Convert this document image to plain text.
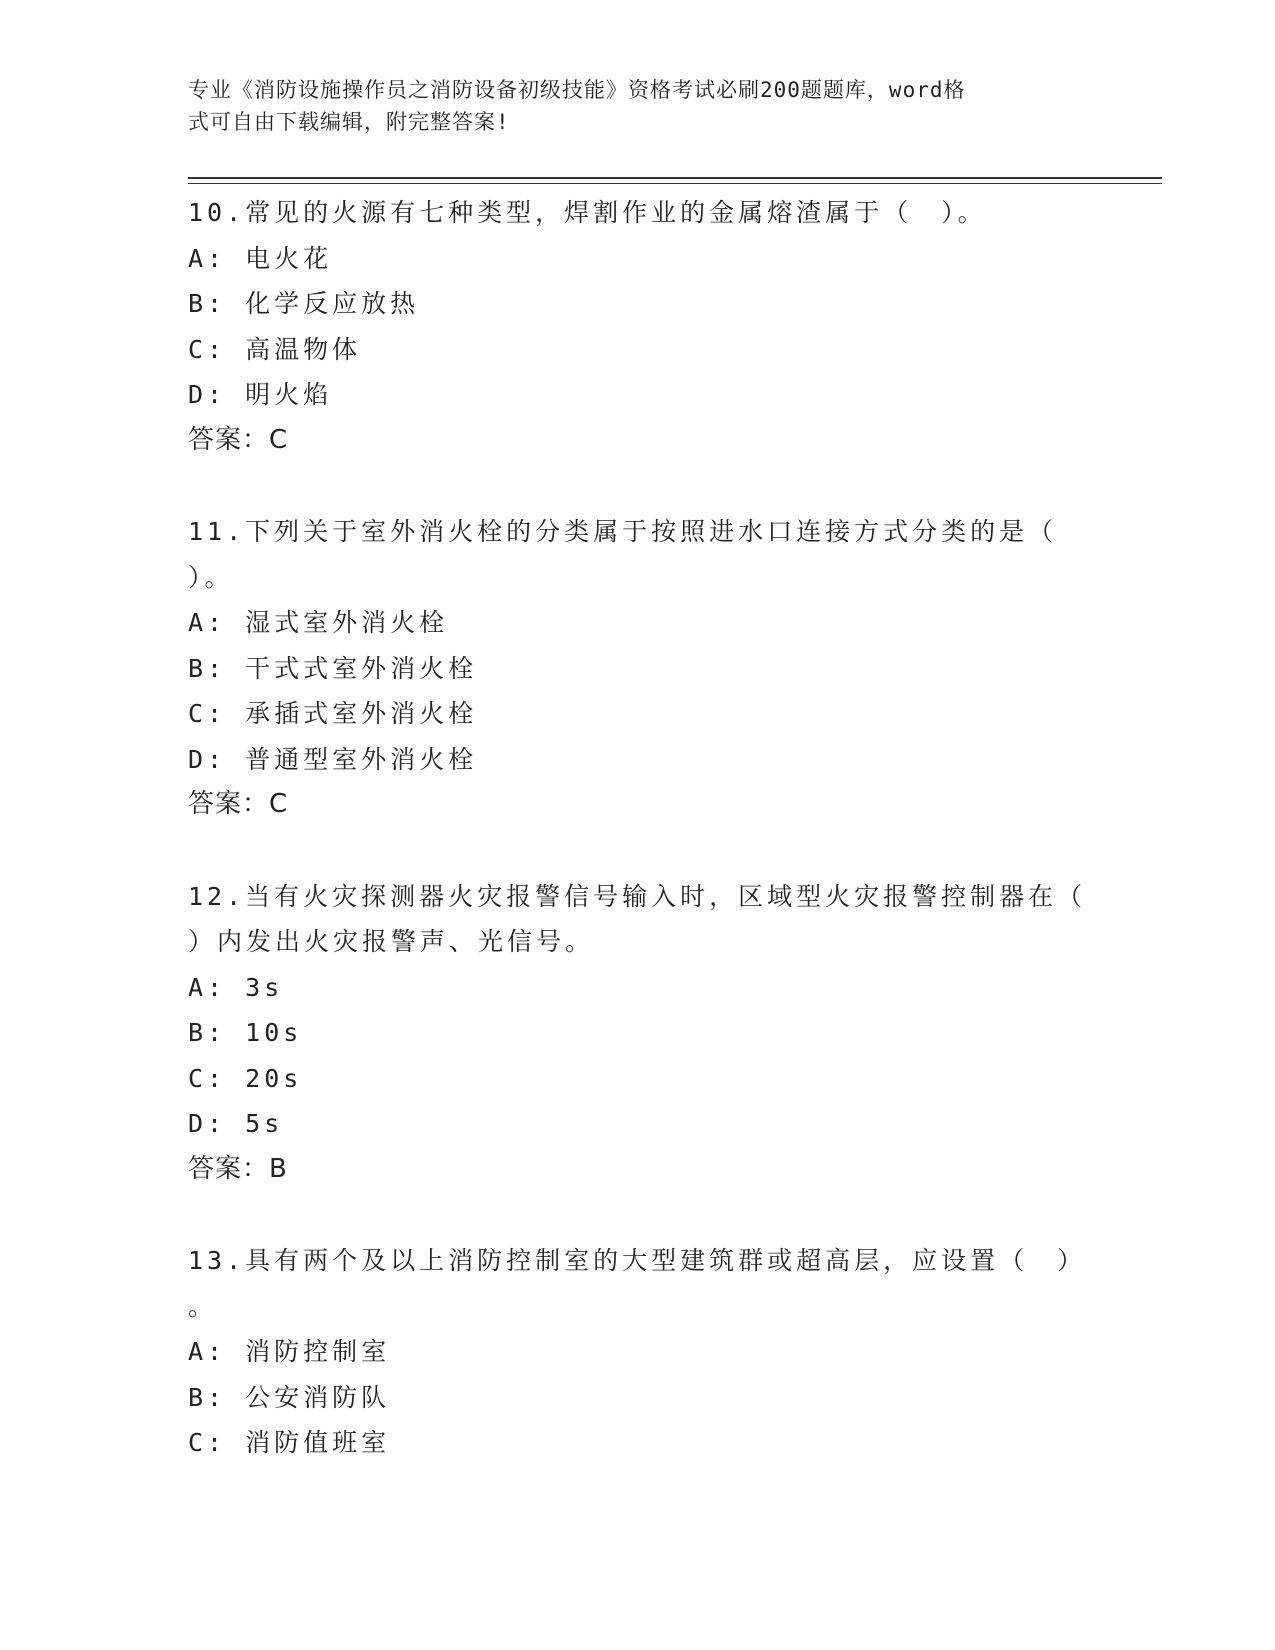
专业《消防设施操作员之消防设备初级技能》资格考试必刷200题题库，word格
式可自由下载编辑，附完整答案!
10.常见的火源有七种类型，焊割作业的金属熔渣属于（　）。
A: 电火花
B: 化学反应放热
C: 高温物体
D: 明火焰
答案：C
11.下列关于室外消火栓的分类属于按照进水口连接方式分类的是（
）。
A: 湿式室外消火栓
B: 干式式室外消火栓
C: 承插式室外消火栓
D: 普通型室外消火栓
答案：C
12.当有火灾探测器火灾报警信号输入时，区域型火灾报警控制器在（
）内发出火灾报警声、光信号。
A: 3s
B: 10s
C: 20s
D: 5s
答案：B
13.具有两个及以上消防控制室的大型建筑群或超高层，应设置（　）
。
A: 消防控制室
B: 公安消防队
C: 消防值班室
